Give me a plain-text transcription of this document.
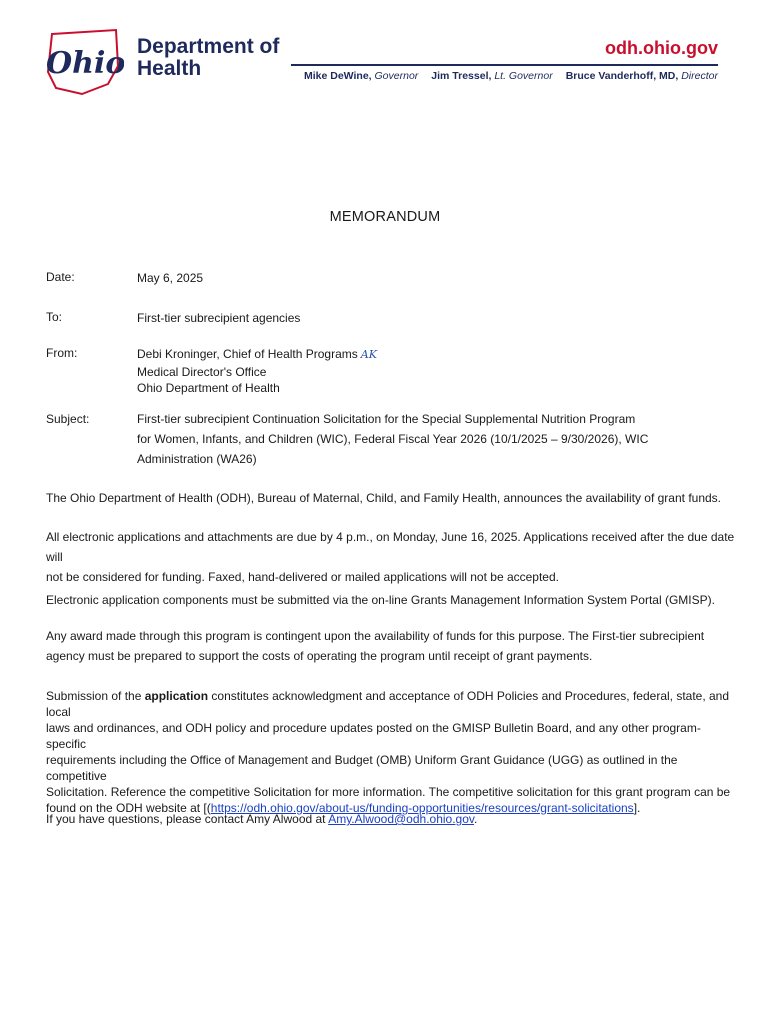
Ohio Department of
Health
odh.ohio.gov
Mike DeWine, Governor Jim Tressel, Lt. Governor Bruce Vanderhoff, MD, Director
MEMORANDUM
Date:	May 6, 2025
To:	First-tier subrecipient agencies
From:	Debi Kroninger, Chief of Health Programs AK
Medical Director's Office
Ohio Department of Health
Subject:	First-tier subrecipient Continuation Solicitation for the Special Supplemental Nutrition Program
for Women, Infants, and Children (WIC), Federal Fiscal Year 2026 (10/1/2025 – 9/30/2026), WIC
Administration (WA26)
The Ohio Department of Health (ODH), Bureau of Maternal, Child, and Family Health, announces the availability of grant funds.
All electronic applications and attachments are due by 4 p.m., on Monday, June 16, 2025. Applications received after the due date will
not be considered for funding. Faxed, hand-delivered or mailed applications will not be accepted.
Electronic application components must be submitted via the on-line Grants Management Information System Portal (GMISP).
Any award made through this program is contingent upon the availability of funds for this purpose. The First-tier subrecipient
agency must be prepared to support the costs of operating the program until receipt of grant payments.
Submission of the application constitutes acknowledgment and acceptance of ODH Policies and Procedures, federal, state, and local
laws and ordinances, and ODH policy and procedure updates posted on the GMISP Bulletin Board, and any other program-specific
requirements including the Office of Management and Budget (OMB) Uniform Grant Guidance (UGG) as outlined in the competitive
Solicitation. Reference the competitive Solicitation for more information. The competitive solicitation for this grant program can be
found on the ODH website at [(https://odh.ohio.gov/about-us/funding-opportunities/resources/grant-solicitations].
If you have questions, please contact Amy Alwood at Amy.Alwood@odh.ohio.gov.
